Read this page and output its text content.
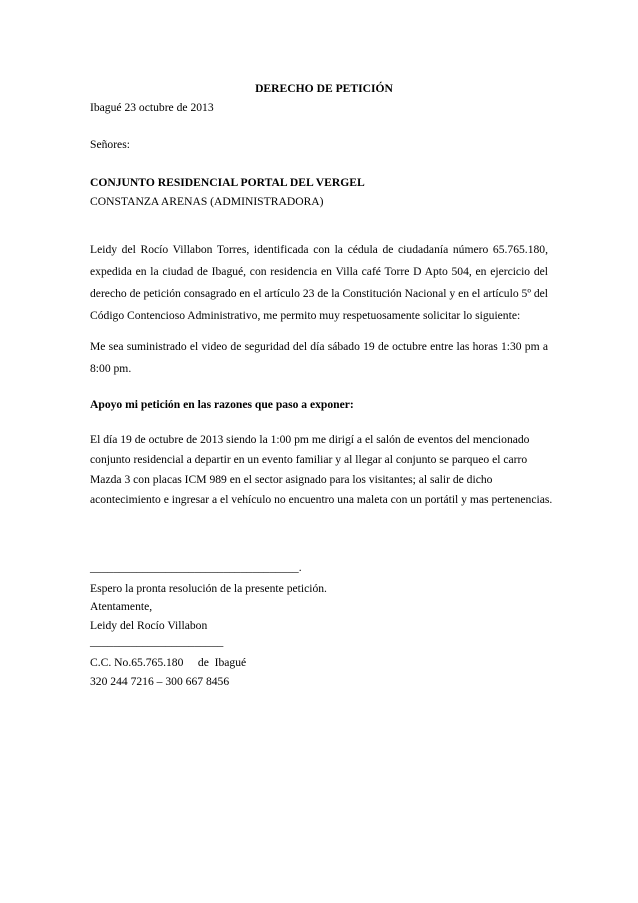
DERECHO DE PETICIÓN
Ibagué 23 octubre de 2013
Señores:
CONJUNTO RESIDENCIAL PORTAL DEL VERGEL
CONSTANZA ARENAS (ADMINISTRADORA)
Leidy del Rocío Villabon Torres, identificada con la cédula de ciudadanía número 65.765.180,
expedida en la ciudad de Ibagué, con residencia en Villa café Torre D Apto 504, en ejercicio del
derecho de petición consagrado en el artículo 23 de la Constitución Nacional y en el artículo 5º del
Código Contencioso Administrativo, me permito muy respetuosamente solicitar lo siguiente:
Me sea suministrado el video de seguridad del día sábado 19 de octubre entre las horas 1:30 pm a
8:00 pm.
Apoyo mi petición en las razones que paso a exponer:
El día 19 de octubre de 2013 siendo la 1:00 pm me dirigí a el salón de eventos del mencionado
conjunto residencial a departir en un evento familiar y al llegar al conjunto se parqueo el carro
Mazda 3 con placas ICM 989 en el sector asignado para los visitantes; al salir de dicho
acontecimiento e ingresar a el vehículo no encuentro una maleta con un portátil y mas pertenencias.
____________________________________.
Espero la pronta resolución de la presente petición.
Atentamente,
Leidy del Rocío Villabon
_______________________
C.C. No.65.765.180     de  Ibagué
320 244 7216 – 300 667 8456
